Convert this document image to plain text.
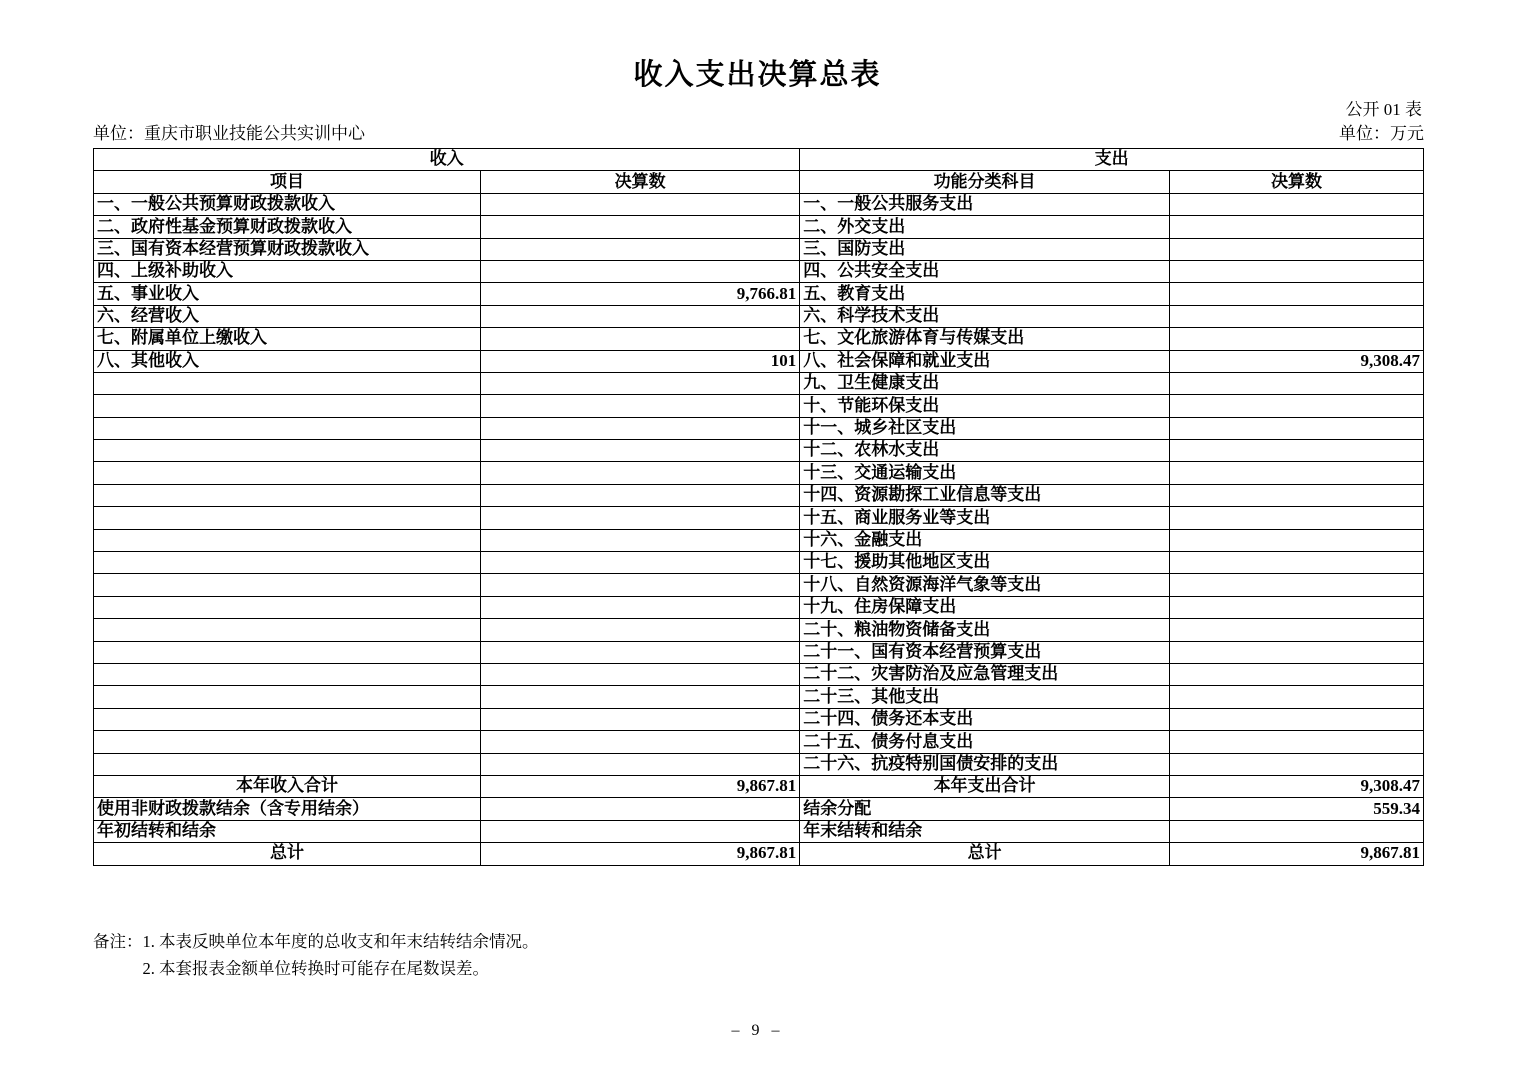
收入支出决算总表
公开 01 表
单位：重庆市职业技能公共实训中心	单位：万元
收入		支出	
项目	决算数	功能分类科目	决算数
一、一般公共预算财政拨款收入		一、一般公共服务支出	
二、政府性基金预算财政拨款收入		二、外交支出	
三、国有资本经营预算财政拨款收入		三、国防支出	
四、上级补助收入		四、公共安全支出	
五、事业收入	9,766.81	五、教育支出	
六、经营收入		六、科学技术支出	
七、附属单位上缴收入		七、文化旅游体育与传媒支出	
八、其他收入	101	八、社会保障和就业支出	9,308.47
		九、卫生健康支出	
		十、节能环保支出	
		十一、城乡社区支出	
		十二、农林水支出	
		十三、交通运输支出	
		十四、资源勘探工业信息等支出	
		十五、商业服务业等支出	
		十六、金融支出	
		十七、援助其他地区支出	
		十八、自然资源海洋气象等支出	
		十九、住房保障支出	
		二十、粮油物资储备支出	
		二十一、国有资本经营预算支出	
		二十二、灾害防治及应急管理支出	
		二十三、其他支出	
		二十四、债务还本支出	
		二十五、债务付息支出	
		二十六、抗疫特别国债安排的支出	
本年收入合计	9,867.81	本年支出合计	9,308.47
使用非财政拨款结余（含专用结余）		结余分配	559.34
年初结转和结余		年末结转和结余	
总计	9,867.81	总计	9,867.81
备注： 1. 本表反映单位本年度的总收支和年末结转结余情况。
2. 本套报表金额单位转换时可能存在尾数误差。
– 9 –
